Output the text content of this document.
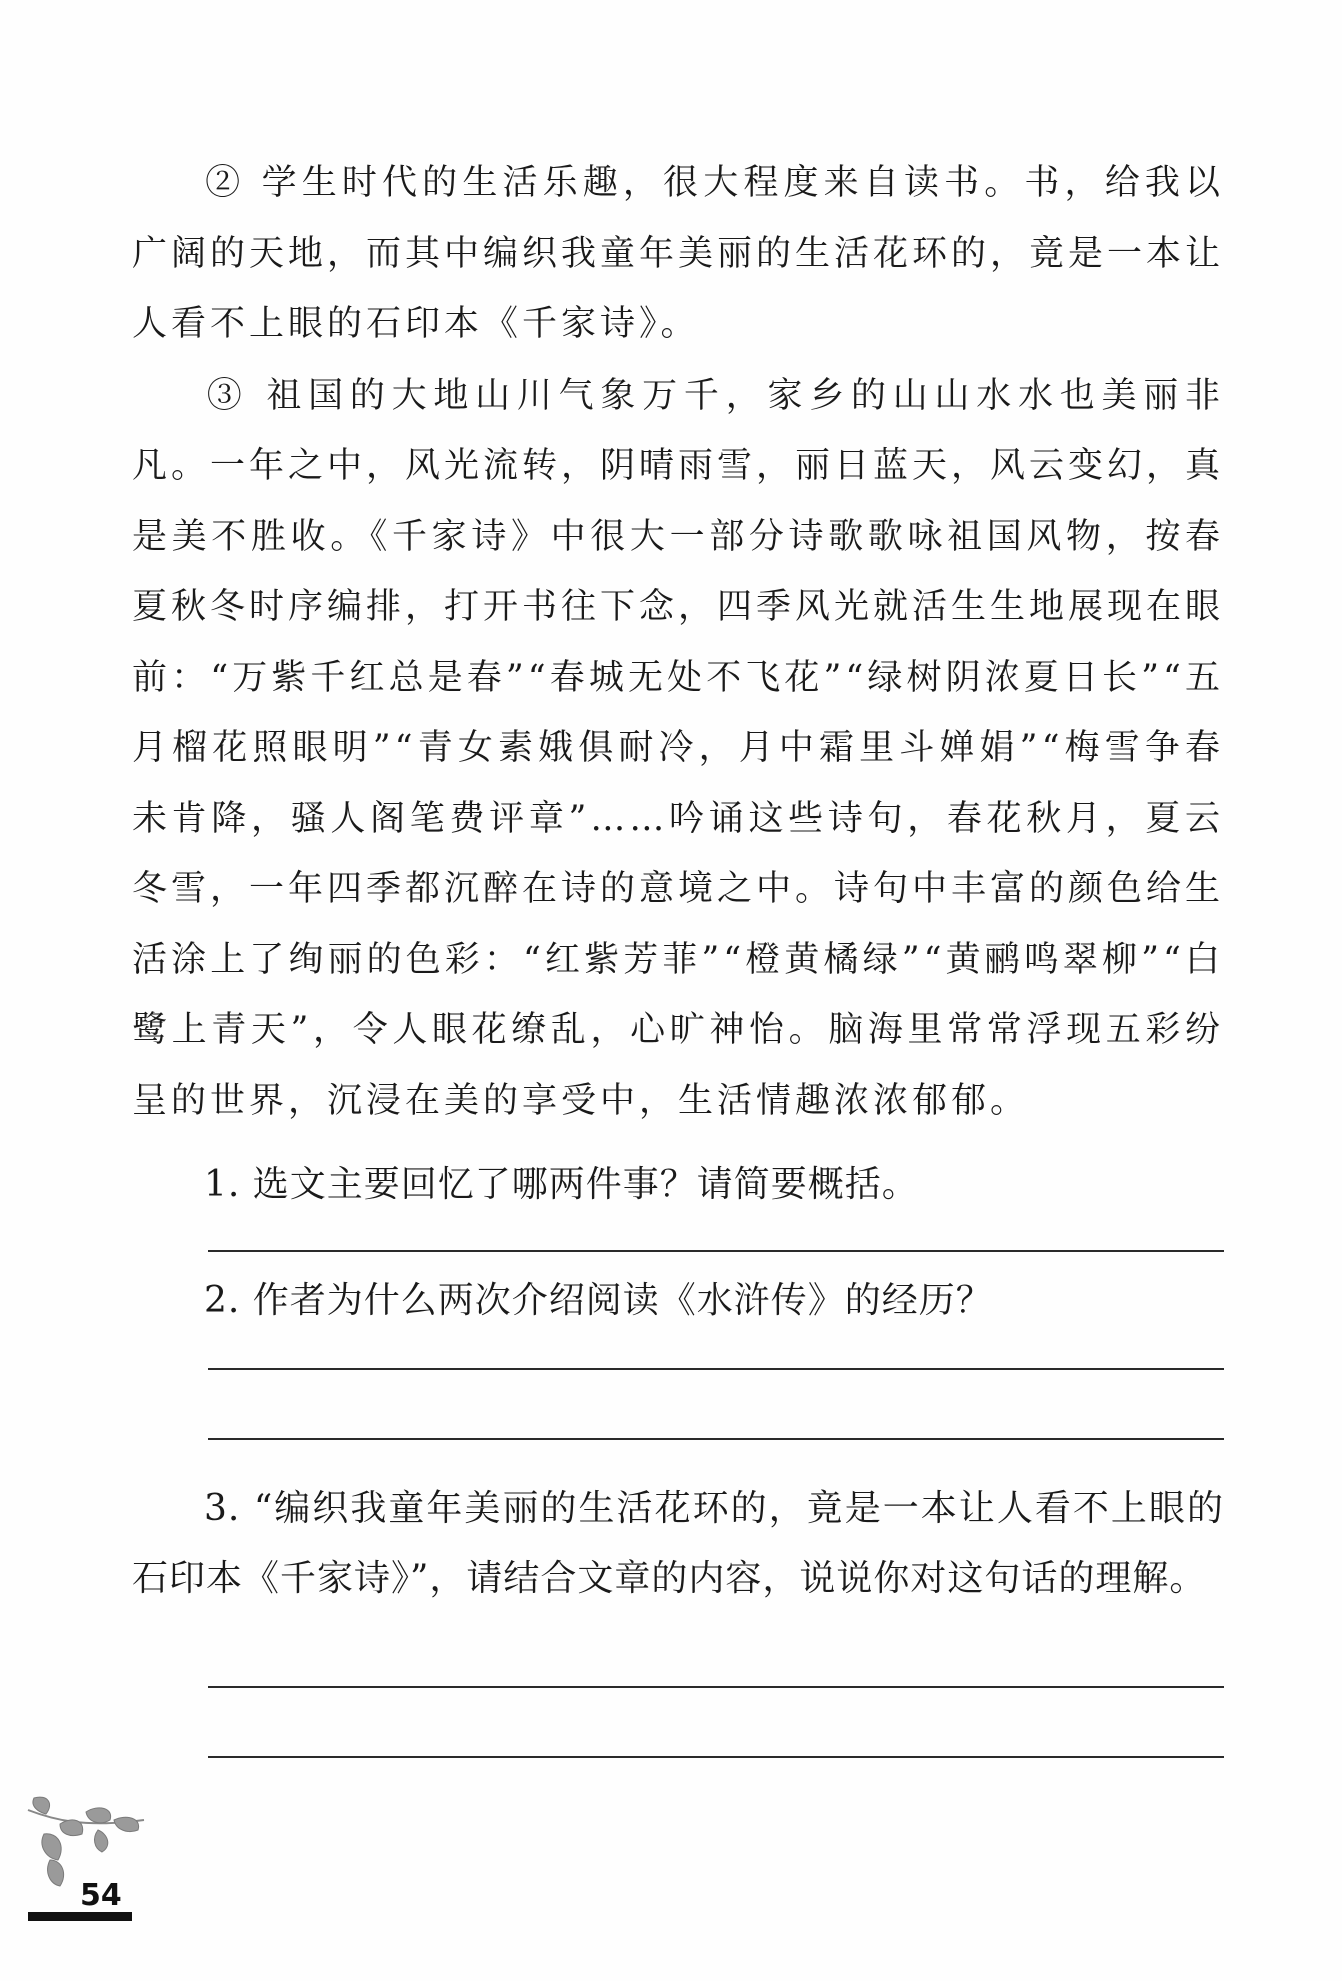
② 学生时代的生活乐趣，很大程度来自读书。书，给我以广阔的天地，而其中编织我童年美丽的生活花环的，竟是一本让人看不上眼的石印本《千家诗》。

③ 祖国的大地山川气象万千，家乡的山山水水也美丽非凡。一年之中，风光流转，阴晴雨雪，丽日蓝天，风云变幻，真是美不胜收。《千家诗》中很大一部分诗歌歌咏祖国风物，按春夏秋冬时序编排，打开书往下念，四季风光就活生生地展现在眼前：“万紫千红总是春”“春城无处不飞花”“绿树阴浓夏日长”“五月榴花照眼明”“青女素娥俱耐冷，月中霜里斗婵娟”“梅雪争春未肯降，骚人阁笔费评章”……吟诵这些诗句，春花秋月，夏云冬雪，一年四季都沉醉在诗的意境之中。诗句中丰富的颜色给生活涂上了绚丽的色彩：“红紫芳菲”“橙黄橘绿”“黄鹂鸣翠柳”“白鹭上青天”，令人眼花缭乱，心旷神怡。脑海里常常浮现五彩纷呈的世界，沉浸在美的享受中，生活情趣浓浓郁郁。

1. 选文主要回忆了哪两件事？请简要概括。

2. 作者为什么两次介绍阅读《水浒传》的经历？

3. “编织我童年美丽的生活花环的，竟是一本让人看不上眼的石印本《千家诗》”，请结合文章的内容，说说你对这句话的理解。

54
